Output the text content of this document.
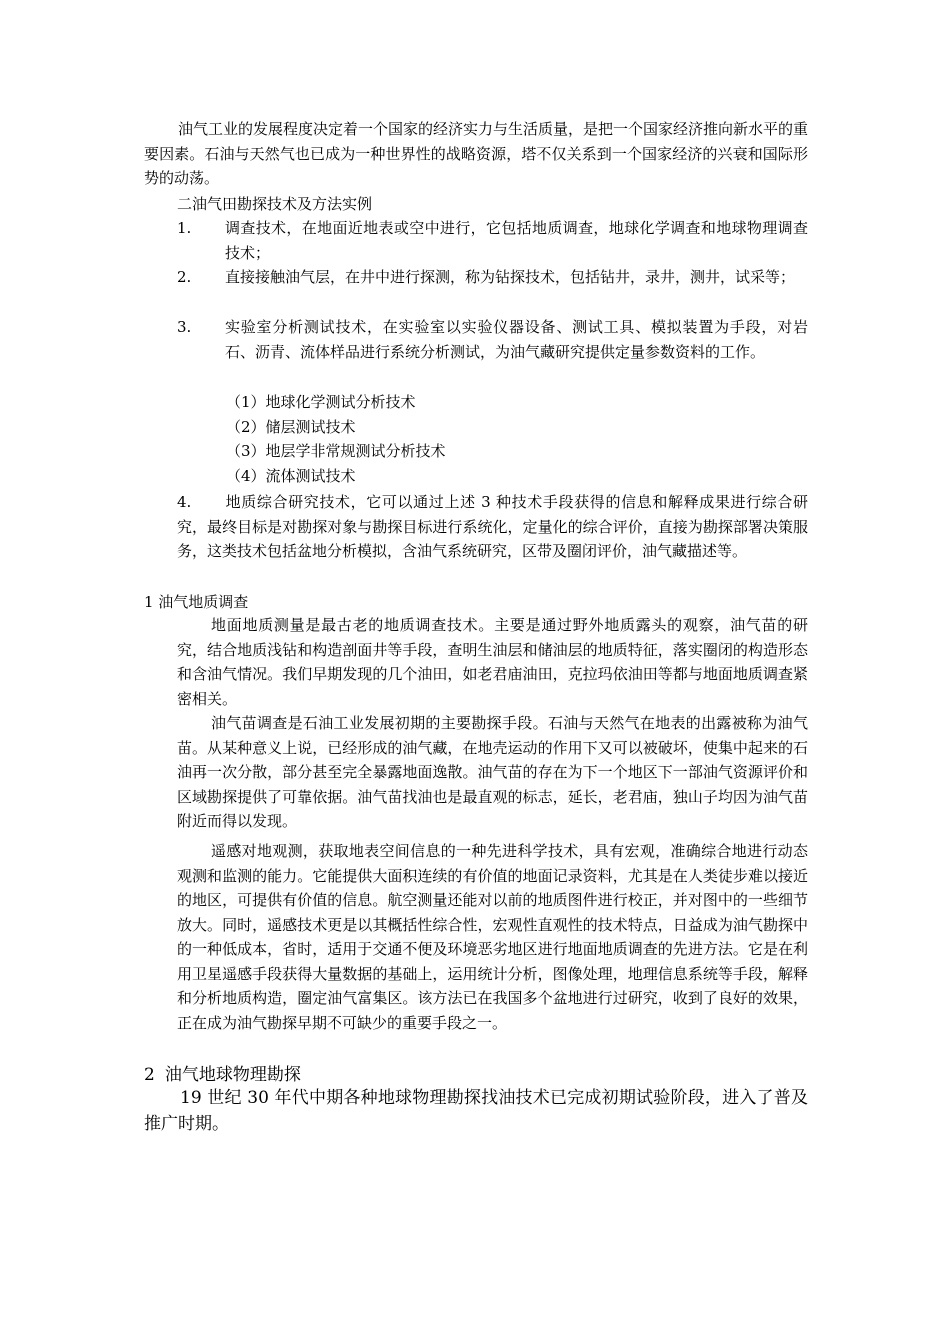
油气工业的发展程度决定着一个国家的经济实力与生活质量，是把一个国家经济推向新水平的重要因素。石油与天然气也已成为一种世界性的战略资源，塔不仅关系到一个国家经济的兴衰和国际形势的动荡。

二油气田勘探技术及方法实例

1.	调查技术，在地面近地表或空中进行，它包括地质调查，地球化学调查和地球物理调查技术；
2.	直接接触油气层，在井中进行探测，称为钻探技术，包括钻井，录井，测井，试采等；
3.	实验室分析测试技术，在实验室以实验仪器设备、测试工具、模拟装置为手段，对岩石、沥青、流体样品进行系统分析测试，为油气藏研究提供定量参数资料的工作。
（1）地球化学测试分析技术
（2）储层测试技术
（3）地层学非常规测试分析技术
（4）流体测试技术

4. 地质综合研究技术，它可以通过上述 3 种技术手段获得的信息和解释成果进行综合研究，最终目标是对勘探对象与勘探目标进行系统化，定量化的综合评价，直接为勘探部署决策服务，这类技术包括盆地分析模拟，含油气系统研究，区带及圈闭评价，油气藏描述等。

1 油气地质调查

地面地质测量是最古老的地质调查技术。主要是通过野外地质露头的观察，油气苗的研究，结合地质浅钻和构造剖面井等手段，查明生油层和储油层的地质特征，落实圈闭的构造形态和含油气情况。我们早期发现的几个油田，如老君庙油田，克拉玛依油田等都与地面地质调查紧密相关。

油气苗调查是石油工业发展初期的主要勘探手段。石油与天然气在地表的出露被称为油气苗。从某种意义上说，已经形成的油气藏，在地壳运动的作用下又可以被破坏，使集中起来的石油再一次分散，部分甚至完全暴露地面逸散。油气苗的存在为下一个地区下一部油气资源评价和区域勘探提供了可靠依据。油气苗找油也是最直观的标志，延长，老君庙，独山子均因为油气苗附近而得以发现。

遥感对地观测，获取地表空间信息的一种先进科学技术，具有宏观，准确综合地进行动态观测和监测的能力。它能提供大面积连续的有价值的地面记录资料，尤其是在人类徒步难以接近的地区，可提供有价值的信息。航空测量还能对以前的地质图件进行校正，并对图中的一些细节放大。同时，遥感技术更是以其概括性综合性，宏观性直观性的技术特点，日益成为油气勘探中的一种低成本，省时，适用于交通不便及环境恶劣地区进行地面地质调查的先进方法。它是在利用卫星遥感手段获得大量数据的基础上，运用统计分析，图像处理，地理信息系统等手段，解释和分析地质构造，圈定油气富集区。该方法已在我国多个盆地进行过研究，收到了良好的效果，正在成为油气勘探早期不可缺少的重要手段之一。

2 油气地球物理勘探

19 世纪 30 年代中期各种地球物理勘探找油技术已完成初期试验阶段，进入了普及推广时期。
